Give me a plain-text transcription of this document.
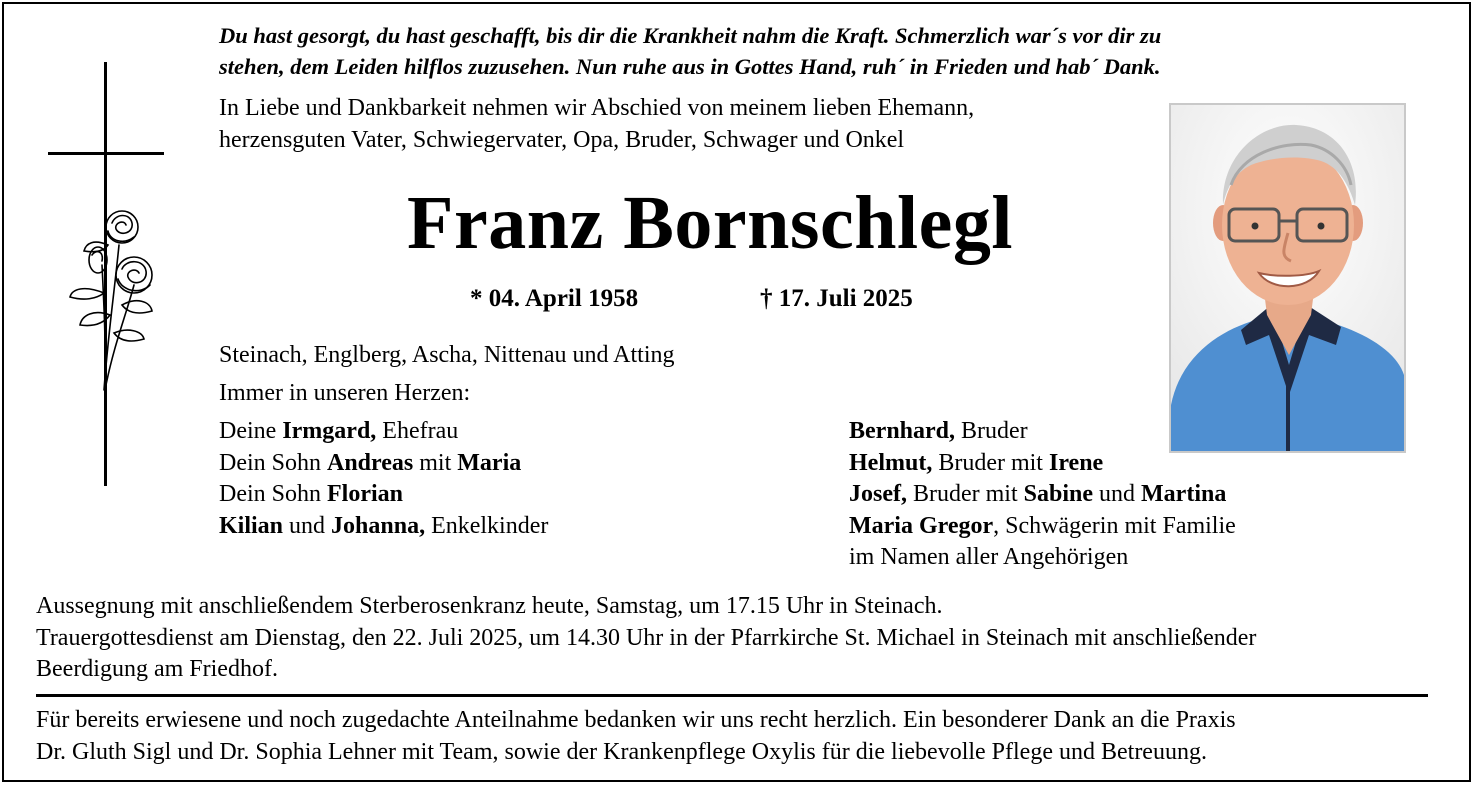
Du hast gesorgt, du hast geschafft, bis dir die Krankheit nahm die Kraft. Schmerzlich war´s vor dir zu
stehen, dem Leiden hilflos zuzusehen. Nun ruhe aus in Gottes Hand, ruh´ in Frieden und hab´ Dank.
In Liebe und Dankbarkeit nehmen wir Abschied von meinem lieben Ehemann,
herzensguten Vater, Schwiegervater, Opa, Bruder, Schwager und Onkel
Franz Bornschlegl
* 04. April 1958	† 17. Juli 2025
Steinach, Englberg, Ascha, Nittenau und Atting
Immer in unseren Herzen:
Deine Irmgard, Ehefrau
Dein Sohn Andreas mit Maria
Dein Sohn Florian
Kilian und Johanna, Enkelkinder
Bernhard, Bruder
Helmut, Bruder mit Irene
Josef, Bruder mit Sabine und Martina
Maria Gregor, Schwägerin mit Familie
im Namen aller Angehörigen
Aussegnung mit anschließendem Sterberosenkranz heute, Samstag, um 17.15 Uhr in Steinach.
Trauergottesdienst am Dienstag, den 22. Juli 2025, um 14.30 Uhr in der Pfarrkirche St. Michael in Steinach mit anschließender
Beerdigung am Friedhof.
Für bereits erwiesene und noch zugedachte Anteilnahme bedanken wir uns recht herzlich. Ein besonderer Dank an die Praxis
Dr. Gluth Sigl und Dr. Sophia Lehner mit Team, sowie der Krankenpflege Oxylis für die liebevolle Pflege und Betreuung.
